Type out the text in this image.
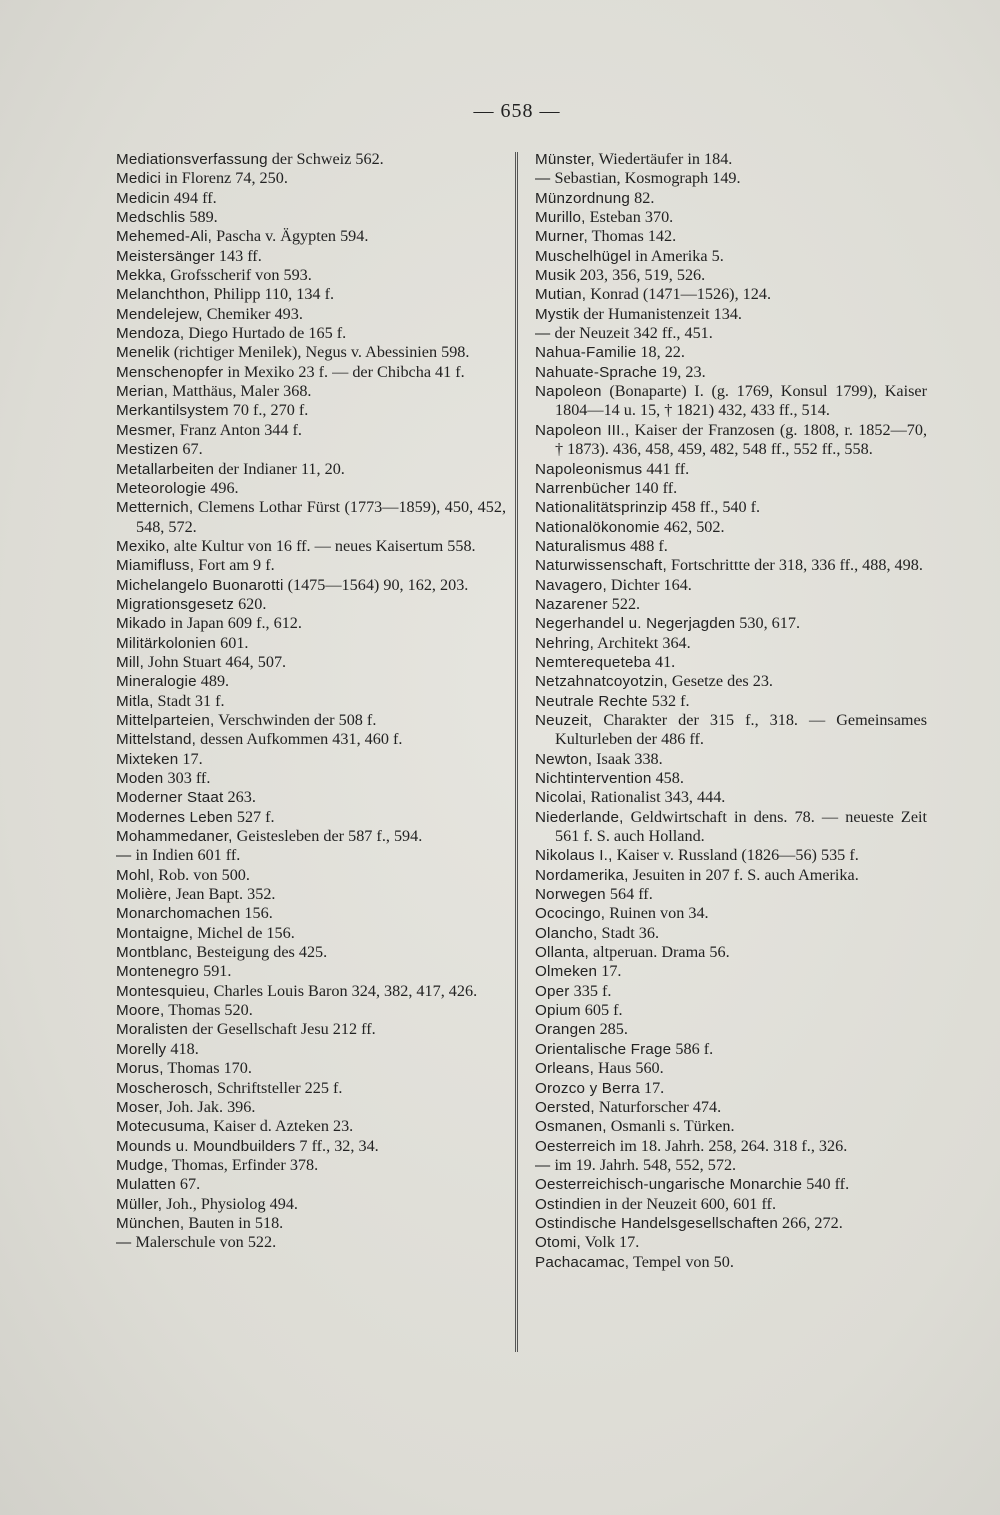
— 658 —
Mediationsverfassung der Schweiz 562.
Medici in Florenz 74, 250.
Medicin 494 ff.
Medschlis 589.
Mehemed-Ali, Pascha v. Ägypten 594.
Meistersänger 143 ff.
Mekka, Grofsscherif von 593.
Melanchthon, Philipp 110, 134 f.
Mendelejew, Chemiker 493.
Mendoza, Diego Hurtado de 165 f.
Menelik (richtiger Menilek), Negus v. Abessinien 598.
Menschenopfer in Mexiko 23 f. — der Chibcha 41 f.
Merian, Matthäus, Maler 368.
Merkantilsystem 70 f., 270 f.
Mesmer, Franz Anton 344 f.
Mestizen 67.
Metallarbeiten der Indianer 11, 20.
Meteorologie 496.
Metternich, Clemens Lothar Fürst (1773—1859), 450, 452, 548, 572.
Mexiko, alte Kultur von 16 ff. — neues Kaisertum 558.
Miamifluss, Fort am 9 f.
Michelangelo Buonarotti (1475—1564) 90, 162, 203.
Migrationsgesetz 620.
Mikado in Japan 609 f., 612.
Militärkolonien 601.
Mill, John Stuart 464, 507.
Mineralogie 489.
Mitla, Stadt 31 f.
Mittelparteien, Verschwinden der 508 f.
Mittelstand, dessen Aufkommen 431, 460 f.
Mixteken 17.
Moden 303 ff.
Moderner Staat 263.
Modernes Leben 527 f.
Mohammedaner, Geistesleben der 587 f., 594.
— in Indien 601 ff.
Mohl, Rob. von 500.
Molière, Jean Bapt. 352.
Monarchomachen 156.
Montaigne, Michel de 156.
Montblanc, Besteigung des 425.
Montenegro 591.
Montesquieu, Charles Louis Baron 324, 382, 417, 426.
Moore, Thomas 520.
Moralisten der Gesellschaft Jesu 212 ff.
Morelly 418.
Morus, Thomas 170.
Moscherosch, Schriftsteller 225 f.
Moser, Joh. Jak. 396.
Motecusuma, Kaiser d. Azteken 23.
Mounds u. Moundbuilders 7 ff., 32, 34.
Mudge, Thomas, Erfinder 378.
Mulatten 67.
Müller, Joh., Physiolog 494.
München, Bauten in 518.
— Malerschule von 522.
Münster, Wiedertäufer in 184.
— Sebastian, Kosmograph 149.
Münzordnung 82.
Murillo, Esteban 370.
Murner, Thomas 142.
Muschelhügel in Amerika 5.
Musik 203, 356, 519, 526.
Mutian, Konrad (1471—1526), 124.
Mystik der Humanistenzeit 134.
— der Neuzeit 342 ff., 451.
Nahua-Familie 18, 22.
Nahuate-Sprache 19, 23.
Napoleon (Bonaparte) I. (g. 1769, Konsul 1799), Kaiser 1804—14 u. 15, † 1821) 432, 433 ff., 514.
Napoleon III., Kaiser der Franzosen (g. 1808, r. 1852—70, † 1873). 436, 458, 459, 482, 548 ff., 552 ff., 558.
Napoleonismus 441 ff.
Narrenbücher 140 ff.
Nationalitätsprinzip 458 ff., 540 f.
Nationalökonomie 462, 502.
Naturalismus 488 f.
Naturwissenschaft, Fortschrittte der 318, 336 ff., 488, 498.
Navagero, Dichter 164.
Nazarener 522.
Negerhandel u. Negerjagden 530, 617.
Nehring, Architekt 364.
Nemterequeteba 41.
Netzahnatcoyotzin, Gesetze des 23.
Neutrale Rechte 532 f.
Neuzeit, Charakter der 315 f., 318. — Gemeinsames Kulturleben der 486 ff.
Newton, Isaak 338.
Nichtintervention 458.
Nicolai, Rationalist 343, 444.
Niederlande, Geldwirtschaft in dens. 78. — neueste Zeit 561 f. S. auch Holland.
Nikolaus I., Kaiser v. Russland (1826—56) 535 f.
Nordamerika, Jesuiten in 207 f. S. auch Amerika.
Norwegen 564 ff.
Ococingo, Ruinen von 34.
Olancho, Stadt 36.
Ollanta, altperuan. Drama 56.
Olmeken 17.
Oper 335 f.
Opium 605 f.
Orangen 285.
Orientalische Frage 586 f.
Orleans, Haus 560.
Orozco y Berra 17.
Oersted, Naturforscher 474.
Osmanen, Osmanli s. Türken.
Oesterreich im 18. Jahrh. 258, 264. 318 f., 326.
— im 19. Jahrh. 548, 552, 572.
Oesterreichisch-ungarische Monarchie 540 ff.
Ostindien in der Neuzeit 600, 601 ff.
Ostindische Handelsgesellschaften 266, 272.
Otomi, Volk 17.
Pachacamac, Tempel von 50.
